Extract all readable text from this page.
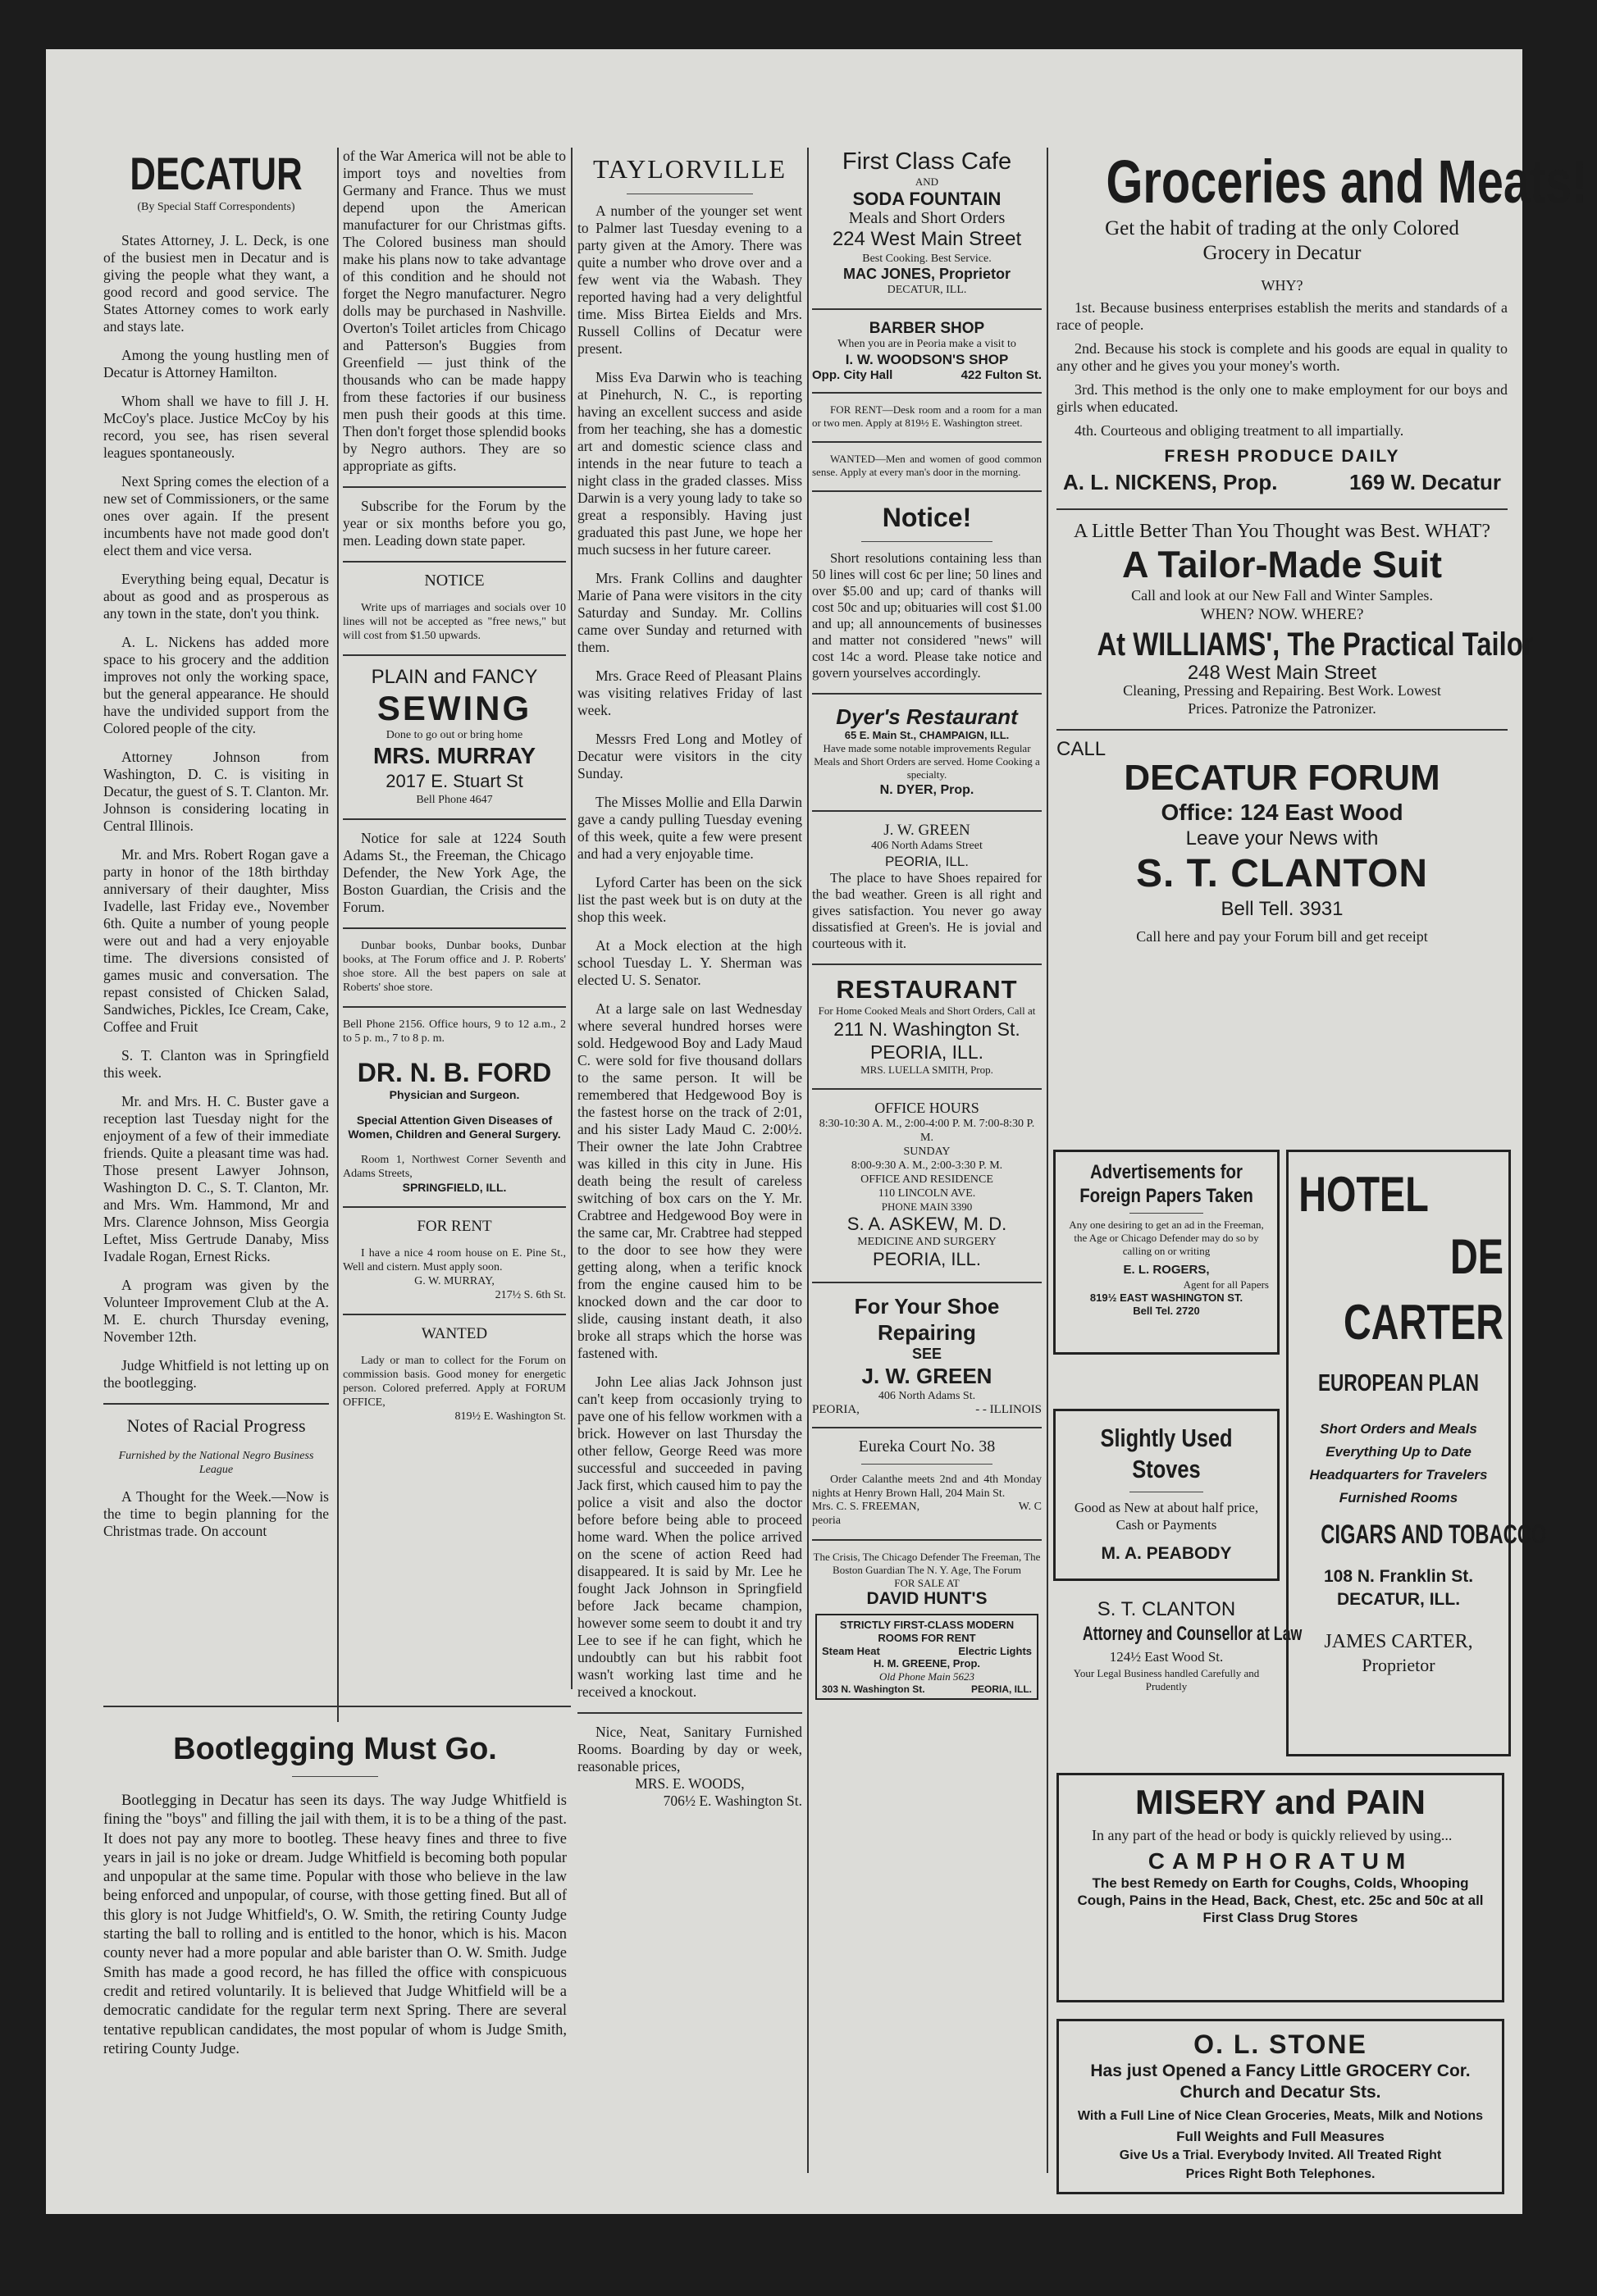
DECATUR

(By Special Staff Correspondents)

States Attorney, J. L. Deck, is one of the busiest men in Decatur and is giving the people what they want, a good record and good service. The States Attorney comes to work early and stays late.

Among the young hustling men of Decatur is Attorney Hamilton.

Whom shall we have to fill J. H. McCoy's place. Justice McCoy by his record, you see, has risen several leagues spontaneously.

Next Spring comes the election of a new set of Commissioners, or the same ones over again. If the present incumbents have not made good don't elect them and vice versa.

Everything being equal, Decatur is about as good and as prosperous as any town in the state, don't you think.

A. L. Nickens has added more space to his grocery and the addition improves not only the working space, but the general appearance. He should have the undivided support from the Colored people of the city.

Attorney Johnson from Washington, D. C. is visiting in Decatur, the guest of S. T. Clanton. Mr. Johnson is considering locating in Central Illinois.

Mr. and Mrs. Robert Rogan gave a party in honor of the 18th birthday anniversary of their daughter, Miss Ivadelle, last Friday eve., November 6th. Quite a number of young people were out and had a very enjoyable time. The diversions consisted of games music and conversation. The repast consisted of Chicken Salad, Sandwiches, Pickles, Ice Cream, Cake, Coffee and Fruit

S. T. Clanton was in Springfield this week.

Mr. and Mrs. H. C. Buster gave a reception last Tuesday night for the enjoyment of a few of their immediate friends. Quite a pleasant time was had. Those present Lawyer Johnson, Washington D. C., S. T. Clanton, Mr. and Mrs. Wm. Hammond, Mr and Mrs. Clarence Johnson, Miss Georgia Leftet, Miss Gertrude Danaby, Miss Ivadale Rogan, Ernest Ricks.

A program was given by the Volunteer Improvement Club at the A. M. E. church Thursday evening, November 12th.

Judge Whitfield is not letting up on the bootlegging.

Notes of Racial Progress

Furnished by the National Negro Business League

A Thought for the Week.—Now is the time to begin planning for the Christmas trade. On account

of the War America will not be able to import toys and novelties from Germany and France. Thus we must depend upon the American manufacturer for our Christmas gifts. The Colored business man should make his plans now to take advantage of this condition and he should not forget the Negro manufacturer. Negro dolls may be purchased in Nashville. Overton's Toilet articles from Chicago and Patterson's Buggies from Greenfield — just think of the thousands who can be made happy from these factories if our business men push their goods at this time. Then don't forget those splendid books by Negro authors. They are so appropriate as gifts.

Subscribe for the Forum by the year or six months before you go, men. Leading down state paper.

NOTICE

Write ups of marriages and socials over 10 lines will not be accepted as "free news," but will cost from $1.50 upwards.

PLAIN and FANCY

SEWING

Done to go out or bring home

MRS. MURRAY

2017 E. Stuart St

Bell Phone 4647

Notice for sale at 1224 South Adams St., the Freeman, the Chicago Defender, the New York Age, the Boston Guardian, the Crisis and the Forum.

Dunbar books, Dunbar books, Dunbar books, at The Forum office and J. P. Roberts' shoe store. All the best papers on sale at Roberts' shoe store.

Bell Phone 2156. Office hours, 9 to 12 a.m., 2 to 5 p. m., 7 to 8 p. m.

DR. N. B. FORD

Physician and Surgeon.

Special Attention Given Diseases of Women, Children and General Surgery.

Room 1, Northwest Corner Seventh and Adams Streets,

SPRINGFIELD, ILL.

FOR RENT

I have a nice 4 room house on E. Pine St., Well and cistern. Must apply soon.

G. W. MURRAY,

217½ S. 6th St.

WANTED

Lady or man to collect for the Forum on commission basis. Good money for energetic person. Colored preferred. Apply at FORUM OFFICE,

819½ E. Washington St.

Bootlegging Must Go.

Bootlegging in Decatur has seen its days. The way Judge Whitfield is fining the "boys" and filling the jail with them, it is to be a thing of the past. It does not pay any more to bootleg. These heavy fines and three to five years in jail is no joke or dream. Judge Whitfield is becoming both popular and unpopular at the same time. Popular with those who believe in the law being enforced and unpopular, of course, with those getting fined. But all of this glory is not Judge Whitfield's, O. W. Smith, the retiring County Judge starting the ball to rolling and is entitled to the honor, which is his. Macon county never had a more popular and able barister than O. W. Smith. Judge Smith has made a good record, he has filled the office with conspicuous credit and retired voluntarily. It is believed that Judge Whitfield will be a democratic candidate for the regular term next Spring. There are several tentative republican candidates, the most popular of whom is Judge Smith, retiring County Judge.

TAYLORVILLE

A number of the younger set went to Palmer last Tuesday evening to a party given at the Amory. There was quite a number who drove over and a few went via the Wabash. They reported having had a very delightful time. Miss Birtea Eields and Mrs. Russell Collins of Decatur were present.

Miss Eva Darwin who is teaching at Pinehurch, N. C., is reporting having an excellent success and aside from her teaching, she has a domestic art and domestic science class and intends in the near future to teach a night class in the graded classes. Miss Darwin is a very young lady to take so great a responsibly. Having just graduated this past June, we hope her much sucsess in her future career.

Mrs. Frank Collins and daughter Marie of Pana were visitors in the city Saturday and Sunday. Mr. Collins came over Sunday and returned with them.

Mrs. Grace Reed of Pleasant Plains was visiting relatives Friday of last week.

Messrs Fred Long and Motley of Decatur were visitors in the city Sunday.

The Misses Mollie and Ella Darwin gave a candy pulling Tuesday evening of this week, quite a few were present and had a very enjoyable time.

Lyford Carter has been on the sick list the past week but is on duty at the shop this week.

At a Mock election at the high school Tuesday L. Y. Sherman was elected U. S. Senator.

At a large sale on last Wednesday where several hundred horses were sold. Hedgewood Boy and Lady Maud C. were sold for five thousand dollars to the same person. It will be remembered that Hedgewood Boy is the fastest horse on the track of 2:01, and his sister Lady Maud C. 2:00½. Their owner the late John Crabtree was killed in this city in June. His death being the result of careless switching of box cars on the Y. Mr. Crabtree and Hedgewood Boy were in the same car, Mr. Crabtree had stepped to the door to see how they were getting along, when a terific knock from the engine caused him to be knocked down and the car door to slide, causing instant death, it also broke all straps which the horse was fastened with.

John Lee alias Jack Johnson just can't keep from occasionly trying to pave one of his fellow workmen with a brick. However on last Thursday the other fellow, George Reed was more successful and succeeded in paving Jack first, which caused him to pay the police a visit and also the doctor before before being able to proceed home ward. When the police arrived on the scene of action Reed had disappeared. It is said by Mr. Lee he fought Jack Johnson in Springfield before Jack became champion, however some seem to doubt it and try Lee to see if he can fight, which he undoubtly can but his rabbit foot wasn't working last time and he received a knockout.

Nice, Neat, Sanitary Furnished Rooms. Boarding by day or week, reasonable prices,

MRS. E. WOODS,

706½ E. Washington St.

First Class Cafe

AND

SODA FOUNTAIN

Meals and Short Orders

224 West Main Street

Best Cooking. Best Service.

MAC JONES, Proprietor

DECATUR, ILL.

BARBER SHOP

When you are in Peoria make a visit to

I. W. WOODSON'S SHOP

Opp. City Hall	422 Fulton St.

FOR RENT—Desk room and a room for a man or two men. Apply at 819½ E. Washington street.

WANTED—Men and women of good common sense. Apply at every man's door in the morning.

Notice!

Short resolutions containing less than 50 lines will cost 6c per line; 50 lines and over $5.00 and up; card of thanks will cost 50c and up; obituaries will cost $1.00 and up; all announcements of businesses and matter not considered "news" will cost 14c a word. Please take notice and govern yourselves accordingly.

Dyer's Restaurant

65 E. Main St., CHAMPAIGN, ILL.

Have made some notable improvements Regular Meals and Short Orders are served. Home Cooking a specialty.

N. DYER, Prop.

J. W. GREEN

406 North Adams Street

PEORIA, ILL.

The place to have Shoes repaired for the bad weather. Green is all right and gives satisfaction. You never go away dissatisfied at Green's. He is jovial and courteous with it.

RESTAURANT

For Home Cooked Meals and Short Orders, Call at

211 N. Washington St.

PEORIA, ILL.

MRS. LUELLA SMITH, Prop.

OFFICE HOURS

8:30-10:30 A. M., 2:00-4:00 P. M. 7:00-8:30 P. M.

SUNDAY

8:00-9:30 A. M., 2:00-3:30 P. M.

OFFICE AND RESIDENCE

110 LINCOLN AVE.

PHONE MAIN 3390

S. A. ASKEW, M. D.

MEDICINE AND SURGERY

PEORIA, ILL.

For Your Shoe

Repairing

SEE

J. W. GREEN

406 North Adams St.

PEORIA,	- - ILLINOIS

Eureka Court No. 38

Order Calanthe meets 2nd and 4th Monday nights at Henry Brown Hall, 204 Main St.

Mrs. C. S. FREEMAN,	W. C

peoria

The Crisis, The Chicago Defender The Freeman, The Boston Guardian The N. Y. Age, The Forum

FOR SALE AT

DAVID HUNT'S

STRICTLY FIRST-CLASS MODERN ROOMS FOR RENT

Steam Heat	Electric Lights

H. M. GREENE, Prop.

Old Phone Main 5623

303 N. Washington St.	PEORIA, ILL.
Groceries and Meats!

Get the habit of trading at the only Colored Grocery in Decatur

WHY?

1st. Because business enterprises establish the merits and standards of a race of people.

2nd. Because his stock is complete and his goods are equal in quality to any other and he gives you your money's worth.

3rd. This method is the only one to make employment for our boys and girls when educated.

4th. Courteous and obliging treatment to all impartially.

FRESH PRODUCE DAILY

A. L. NICKENS, Prop.	169 W. Decatur

A Little Better Than You Thought was Best. WHAT?

A Tailor-Made Suit

Call and look at our New Fall and Winter Samples.

WHEN? NOW. WHERE?

At WILLIAMS', The Practical Tailor

248 West Main Street

Cleaning, Pressing and Repairing. Best Work. Lowest Prices. Patronize the Patronizer.

CALL

DECATUR FORUM

Office: 124 East Wood

Leave your News with

S. T. CLANTON

Bell Tell. 3931

Call here and pay your Forum bill and get receipt

Advertisements for Foreign Papers Taken

Any one desiring to get an ad in the Freeman, the Age or Chicago Defender may do so by calling on or writing

E. L. ROGERS,

Agent for all Papers

819½ EAST WASHINGTON ST.

Bell Tel. 2720

Slightly Used Stoves

Good as New at about half price, Cash or Payments

M. A. PEABODY

S. T. CLANTON

Attorney and Counsellor at Law

124½ East Wood St.

Your Legal Business handled Carefully and Prudently

HOTEL
DE CARTER
EUROPEAN PLAN

Short Orders and Meals Everything Up to Date Headquarters for Travelers Furnished Rooms

CIGARS AND TOBACCO

108 N. Franklin St.

DECATUR, ILL.

JAMES CARTER,

Proprietor

MISERY and PAIN

In any part of the head or body is quickly relieved by using...

CAMPHORATUM

The best Remedy on Earth for Coughs, Colds, Whooping Cough, Pains in the Head, Back, Chest, etc. 25c and 50c at all First Class Drug Stores

O. L. STONE

Has just Opened a Fancy Little GROCERY Cor. Church and Decatur Sts.

With a Full Line of Nice Clean Groceries, Meats, Milk and Notions

Full Weights and Full Measures

Give Us a Trial. Everybody Invited. All Treated Right

Prices Right Both Telephones.
